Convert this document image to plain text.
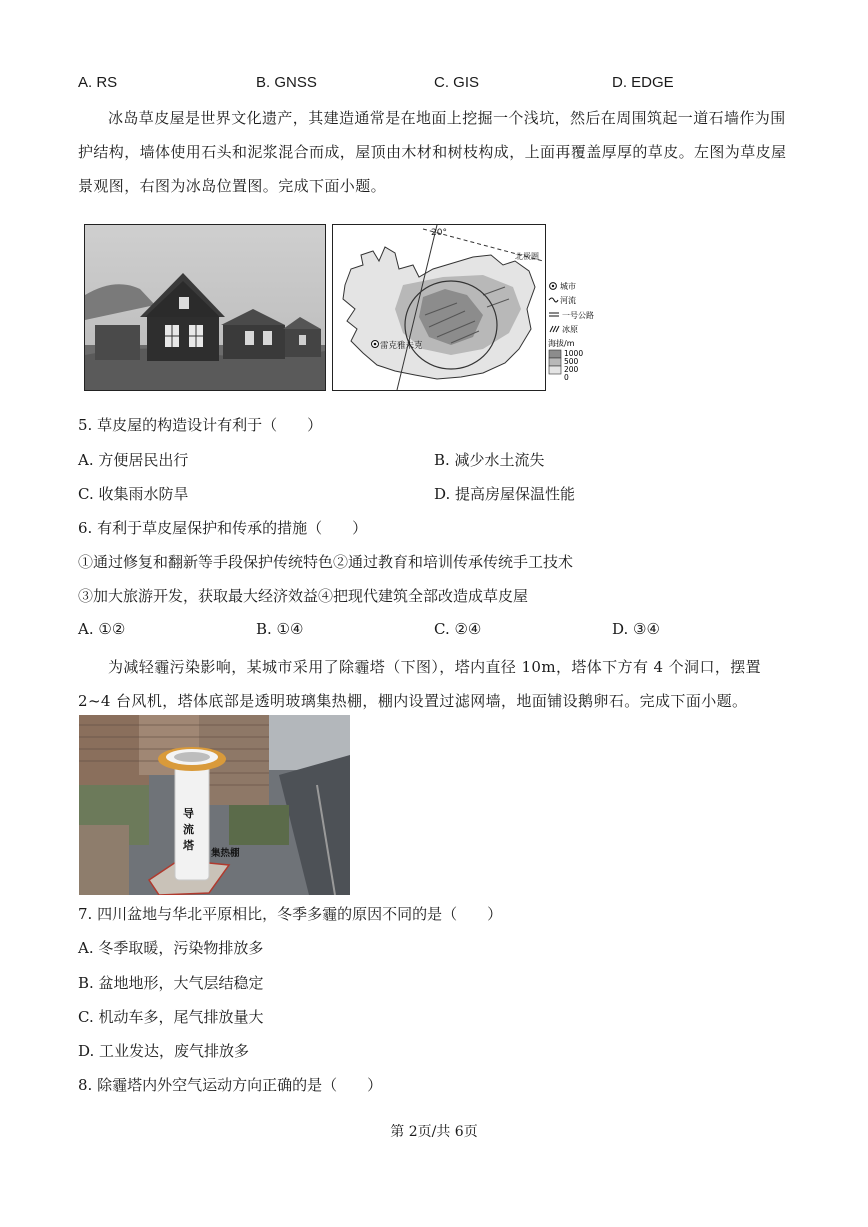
A. RS	B. GNSS	C. GIS	D. EDGE
冰岛草皮屋是世界文化遗产，其建造通常是在地面上挖掘一个浅坑，然后在周围筑起一道石墙作为围护结构，墙体使用石头和泥浆混合而成，屋顶由木材和树枝构成，上面再覆盖厚厚的草皮。左图为草皮屋景观图，右图为冰岛位置图。完成下面小题。
20°
北极圈
雷克雅未克
城市
河流
一号公路
冰原
海拔/m
1000
500
200
0
5. 草皮屋的构造设计有利于（　　）
A. 方便居民出行	B. 减少水土流失
C. 收集雨水防旱	D. 提高房屋保温性能
6. 有利于草皮屋保护和传承的措施（　　）
①通过修复和翻新等手段保护传统特色②通过教育和培训传承传统手工技术
③加大旅游开发，获取最大经济效益④把现代建筑全部改造成草皮屋
A. ①②	B. ①④	C. ②④	D. ③④
为减轻霾污染影响，某城市采用了除霾塔（下图），塔内直径 10m，塔体下方有 4 个洞口，摆置 2~4 台风机，塔体底部是透明玻璃集热棚，棚内设置过滤网墙，地面铺设鹅卵石。完成下面小题。
导
流
塔
集热棚
7. 四川盆地与华北平原相比，冬季多霾的原因不同的是（　　）
A. 冬季取暖，污染物排放多
B. 盆地地形，大气层结稳定
C. 机动车多，尾气排放量大
D. 工业发达，废气排放多
8. 除霾塔内外空气运动方向正确的是（　　）
第 2页/共 6页
